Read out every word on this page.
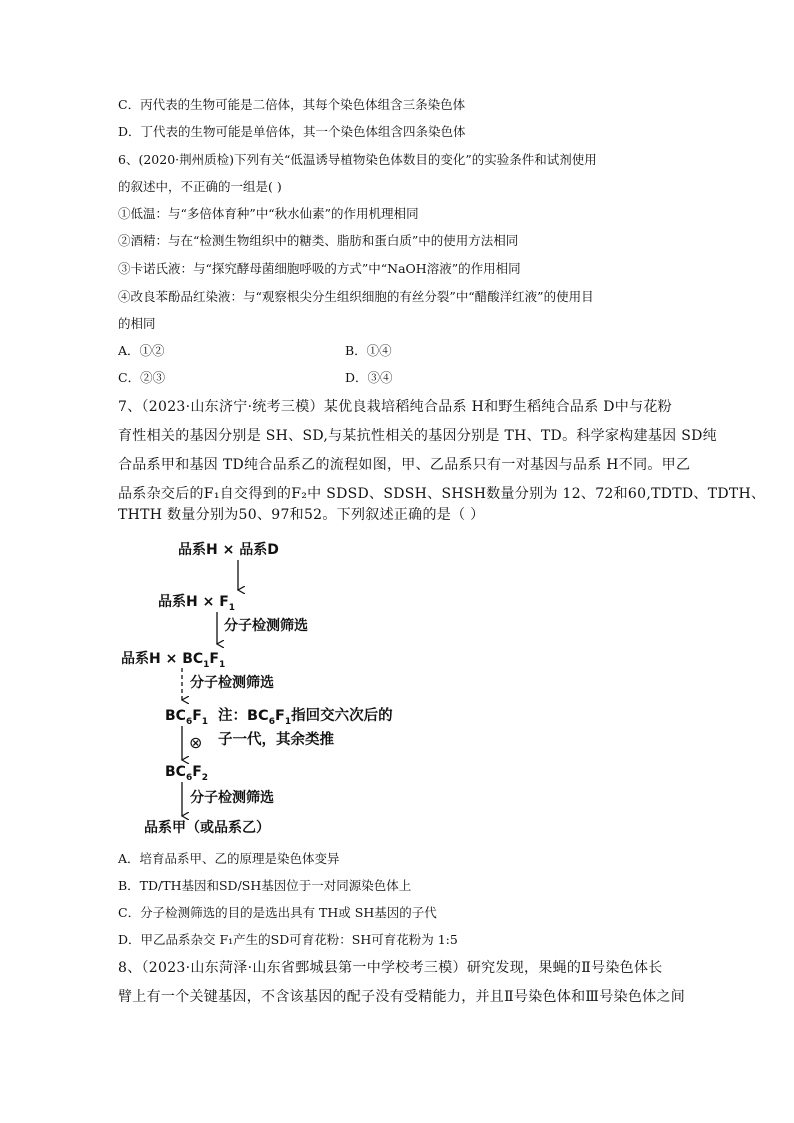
C．丙代表的生物可能是二倍体，其每个染色体组含三条染色体
D．丁代表的生物可能是单倍体，其一个染色体组含四条染色体
6、(2020·荆州质检)下列有关“低温诱导植物染色体数目的变化”的实验条件和试剂使用
的叙述中，不正确的一组是( )
①低温：与“多倍体育种”中“秋水仙素”的作用机理相同
②酒精：与在“检测生物组织中的糖类、脂肪和蛋白质”中的使用方法相同
③卡诺氏液：与“探究酵母菌细胞呼吸的方式”中“NaOH溶液”的作用相同
④改良苯酚品红染液：与“观察根尖分生组织细胞的有丝分裂”中“醋酸洋红液”的使用目
的相同
A．①②	B．①④
C．②③	D．③④
7、（2023·山东济宁·统考三模）某优良栽培稻纯合品系 H和野生稻纯合品系 D中与花粉
育性相关的基因分别是 SH、SD,与某抗性相关的基因分别是 TH、TD。科学家构建基因 SD纯
合品系甲和基因 TD纯合品系乙的流程如图，甲、乙品系只有一对基因与品系 H不同。甲乙
品系杂交后的F₁自交得到的F₂中 SDSD、SDSH、SHSH数量分别为 12、72和60,TDTD、TDTH、
THTH 数量分别为50、97和52。下列叙述正确的是（ ）
品系H × 品系D
品系$H \times F_1$
分子检测筛选
品系$H \times BC_1F_1$
分子检测筛选
$BC_6F_1$ 注：$BC_6F_1$指回交六次后的
子一代，其余类推
⊗
$BC_6F_2$
分子检测筛选
品系甲（或品系乙）
A．培育品系甲、乙的原理是染色体变异
B．TD/TH基因和SD/SH基因位于一对同源染色体上
C．分子检测筛选的目的是选出具有 TH或 SH基因的子代
D．甲乙品系杂交 F₁产生的SD可育花粉：SH可育花粉为 1:5
8、（2023·山东菏泽·山东省鄄城县第一中学校考三模）研究发现，果蝇的Ⅱ号染色体长
臂上有一个关键基因，不含该基因的配子没有受精能力，并且Ⅱ号染色体和Ⅲ号染色体之间
